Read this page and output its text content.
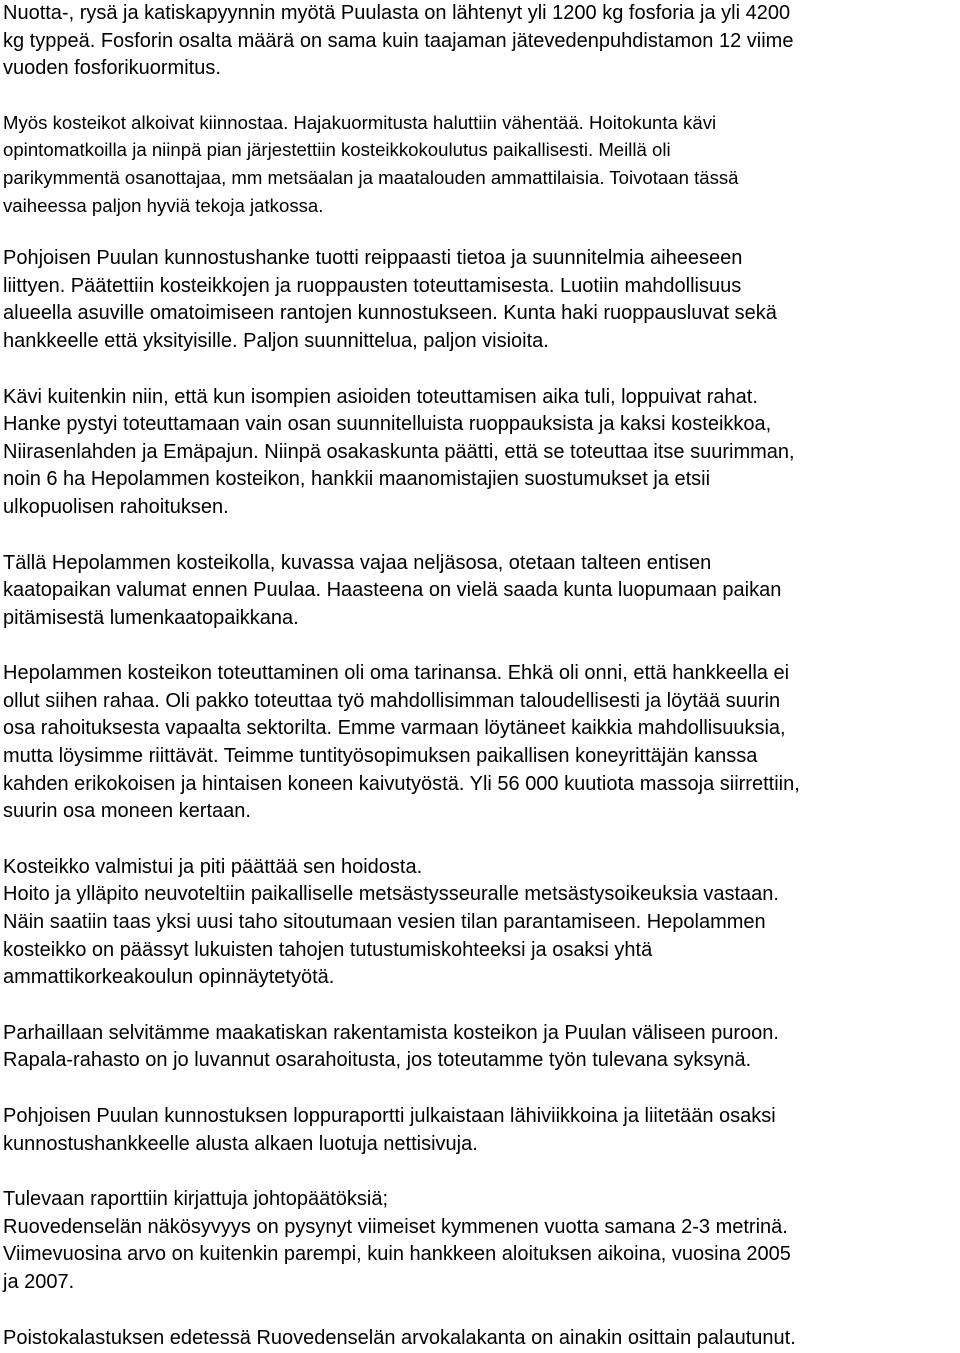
Nuotta-, rysä ja katiskapyynnin myötä Puulasta on lähtenyt yli 1200 kg fosforia ja yli 4200
kg typpeä. Fosforin osalta määrä on sama kuin taajaman jätevedenpuhdistamon 12 viime
vuoden fosforikuormitus.

Myös kosteikot alkoivat kiinnostaa. Hajakuormitusta haluttiin vähentää. Hoitokunta kävi
opintomatkoilla ja niinpä pian järjestettiin kosteikkokoulutus paikallisesti. Meillä oli
parikymmentä osanottajaa, mm metsäalan ja maatalouden ammattilaisia. Toivotaan tässä
vaiheessa paljon hyviä tekoja jatkossa.

Pohjoisen Puulan kunnostushanke tuotti reippaasti tietoa ja suunnitelmia aiheeseen
liittyen. Päätettiin kosteikkojen ja ruoppausten toteuttamisesta. Luotiin mahdollisuus
alueella asuville omatoimiseen rantojen kunnostukseen. Kunta haki ruoppausluvat sekä
hankkeelle että yksityisille. Paljon suunnittelua, paljon visioita.

Kävi kuitenkin niin, että kun isompien asioiden toteuttamisen aika tuli, loppuivat rahat.
Hanke pystyi toteuttamaan vain osan suunnitelluista ruoppauksista ja kaksi kosteikkoa,
Niirasenlahden ja Emäpajun. Niinpä osakaskunta päätti, että se toteuttaa itse suurimman,
noin 6 ha Hepolammen kosteikon, hankkii maanomistajien suostumukset ja etsii
ulkopuolisen rahoituksen.

Tällä Hepolammen kosteikolla, kuvassa vajaa neljäsosa, otetaan talteen entisen
kaatopaikan valumat ennen Puulaa. Haasteena on vielä saada kunta luopumaan paikan
pitämisestä lumenkaatopaikkana.

Hepolammen kosteikon toteuttaminen oli oma tarinansa. Ehkä oli onni, että hankkeella ei
ollut siihen rahaa. Oli pakko toteuttaa työ mahdollisimman taloudellisesti ja löytää suurin
osa rahoituksesta vapaalta sektorilta. Emme varmaan löytäneet kaikkia mahdollisuuksia,
mutta löysimme riittävät. Teimme tuntityösopimuksen paikallisen koneyrittäjän kanssa
kahden erikokoisen ja hintaisen koneen kaivutyöstä. Yli 56 000 kuutiota massoja siirrettiin,
suurin osa moneen kertaan.

Kosteikko valmistui ja piti päättää sen hoidosta.
Hoito ja ylläpito neuvoteltiin paikalliselle metsästysseuralle metsästysoikeuksia vastaan.
Näin saatiin taas yksi uusi taho sitoutumaan vesien tilan parantamiseen. Hepolammen
kosteikko on päässyt lukuisten tahojen tutustumiskohteeksi ja osaksi yhtä
ammattikorkeakoulun opinnäytetyötä.

Parhaillaan selvitämme maakatiskan rakentamista kosteikon ja Puulan väliseen puroon.
Rapala-rahasto on jo luvannut osarahoitusta, jos toteutamme työn tulevana syksynä.

Pohjoisen Puulan kunnostuksen loppuraportti julkaistaan lähiviikkoina ja liitetään osaksi
kunnostushankkeelle alusta alkaen luotuja nettisivuja.

Tulevaan raporttiin kirjattuja johtopäätöksiä;
Ruovedenselän näkösyvyys on pysynyt viimeiset kymmenen vuotta samana 2-3 metrinä.
Viimevuosina arvo on kuitenkin parempi, kuin hankkeen aloituksen aikoina, vuosina 2005
ja 2007.

Poistokalastuksen edetessä Ruovedenselän arvokalakanta on ainakin osittain palautunut.
